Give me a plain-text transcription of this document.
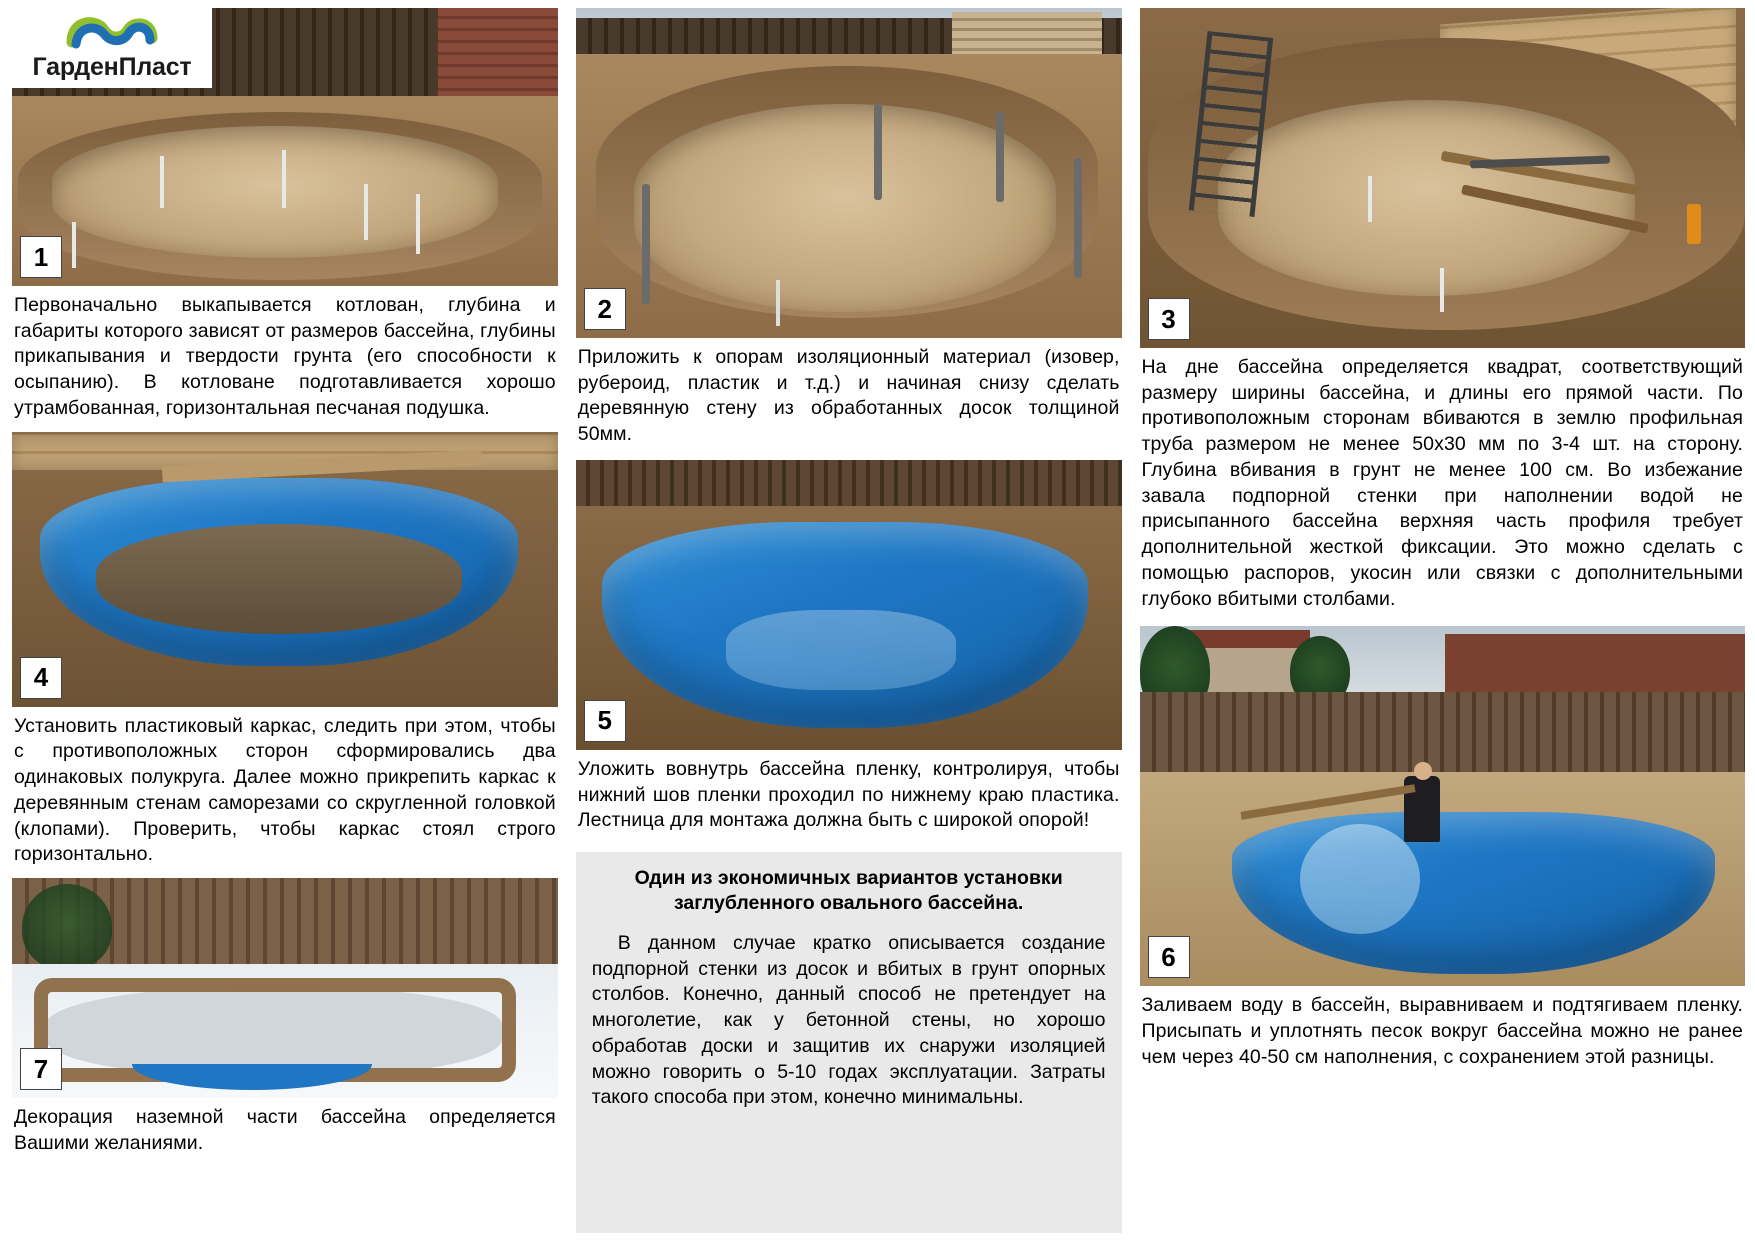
ГарденПласт
1
Первоначально выкапывается котлован, глубина и габариты которого зависят от размеров бассейна, глубины прикапывания и твердости грунта (его способности к осыпанию). В котловане подготавливается хорошо утрамбованная, горизонтальная песчаная подушка.
4
Установить пластиковый каркас, следить при этом, чтобы с противоположных сторон сформировались два одинаковых полукруга. Далее можно прикрепить каркас к деревянным стенам саморезами со скругленной головкой (клопами). Проверить, чтобы каркас стоял строго горизонтально.
7
Декорация наземной части бассейна определяется Вашими желаниями.
2
Приложить к опорам изоляционный материал (изовер, рубероид, пластик и т.д.) и начиная снизу сделать деревянную стену из обработанных досок толщиной 50мм.
5
Уложить вовнутрь бассейна пленку, контролируя, чтобы нижний шов пленки проходил по нижнему краю пластика. Лестница для монтажа должна быть с широкой опорой!
Один из экономичных вариантов установки заглубленного овального бассейна.

В данном случае кратко описывается создание подпорной стенки из досок и вбитых в грунт опорных столбов. Конечно, данный способ не претендует на многолетие, как у бетонной стены, но хорошо обработав доски и защитив их снаружи изоляцией можно говорить о 5-10 годах эксплуатации. Затраты такого способа при этом, конечно минимальны.

3
На дне бассейна определяется квадрат, соответствующий размеру ширины бассейна, и длины его прямой части. По противоположным сторонам вбиваются в землю профильная труба размером не менее 50х30 мм по 3-4 шт. на сторону. Глубина вбивания в грунт не менее 100 см. Во избежание завала подпорной стенки при наполнении водой не присыпанного бассейна верхняя часть профиля требует дополнительной жесткой фиксации. Это можно сделать с помощью распоров, укосин или связки с дополнительными глубоко вбитыми столбами.
6
Заливаем воду в бассейн, выравниваем и подтягиваем пленку. Присыпать и уплотнять песок вокруг бассейна можно не ранее чем через 40-50 см наполнения, с сохранением этой разницы.
